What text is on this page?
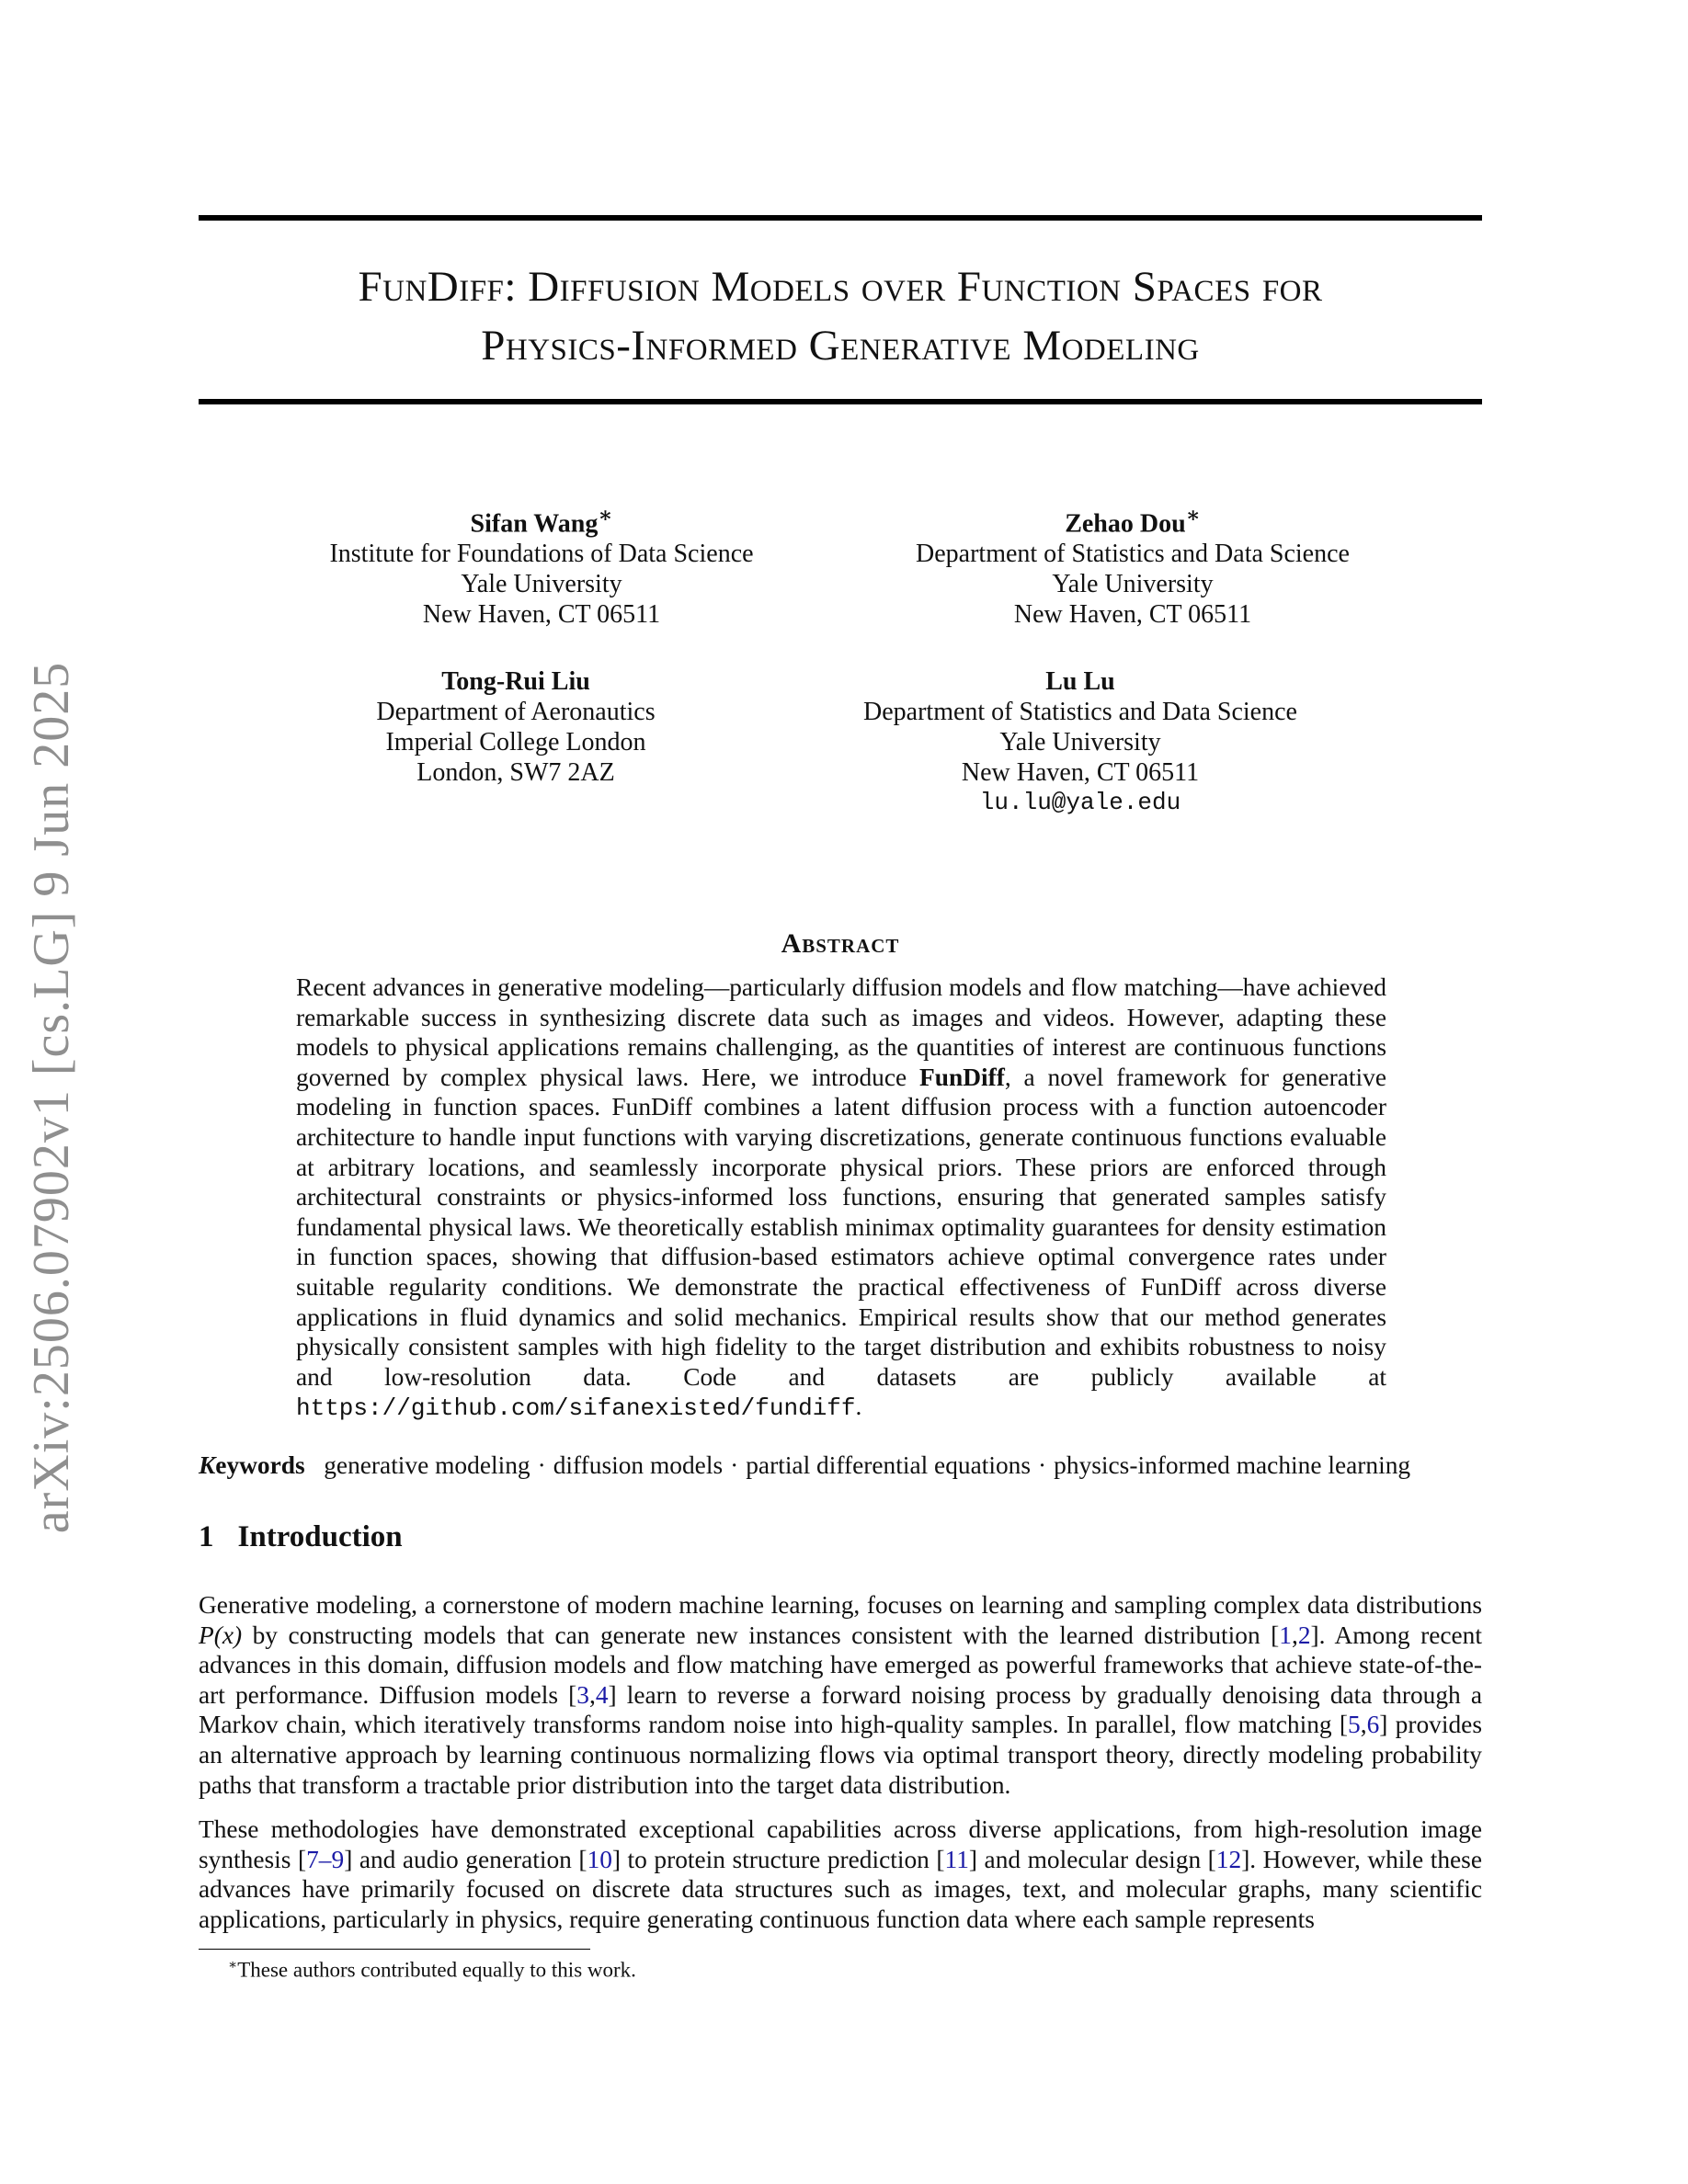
arXiv:2506.07902v1 [cs.LG] 9 Jun 2025
FunDiff: Diffusion Models over Function Spaces for
Physics-Informed Generative Modeling
Sifan Wang∗
Institute for Foundations of Data Science
Yale University
New Haven, CT 06511
Zehao Dou∗
Department of Statistics and Data Science
Yale University
New Haven, CT 06511
Tong-Rui Liu
Department of Aeronautics
Imperial College London
London, SW7 2AZ
Lu Lu
Department of Statistics and Data Science
Yale University
New Haven, CT 06511
lu.lu@yale.edu
Abstract
Recent advances in generative modeling—particularly diffusion models and flow matching—have achieved remarkable success in synthesizing discrete data such as images and videos. However, adapting these models to physical applications remains challenging, as the quantities of interest are continuous functions governed by complex physical laws. Here, we introduce FunDiff, a novel framework for generative modeling in function spaces. FunDiff combines a latent diffusion process with a function autoencoder architecture to handle input functions with varying discretizations, generate continuous functions evaluable at arbitrary locations, and seamlessly incorporate physical priors. These priors are enforced through architectural constraints or physics-informed loss functions, ensuring that generated samples satisfy fundamental physical laws. We theoretically establish minimax optimality guarantees for density estimation in function spaces, showing that diffusion-based estimators achieve optimal convergence rates under suitable regularity conditions. We demonstrate the practical effectiveness of FunDiff across diverse applications in fluid dynamics and solid mechanics. Empirical results show that our method generates physically consistent samples with high fidelity to the target distribution and exhibits robustness to noisy and low-resolution data. Code and datasets are publicly available at https://github.com/sifanexisted/fundiff.
Keywords generative modeling · diffusion models · partial differential equations · physics-informed machine learning
1 Introduction
Generative modeling, a cornerstone of modern machine learning, focuses on learning and sampling complex data distributions P(x) by constructing models that can generate new instances consistent with the learned distribution [1,2]. Among recent advances in this domain, diffusion models and flow matching have emerged as powerful frameworks that achieve state-of-the-art performance. Diffusion models [3,4] learn to reverse a forward noising process by gradually denoising data through a Markov chain, which iteratively transforms random noise into high-quality samples. In parallel, flow matching [5,6] provides an alternative approach by learning continuous normalizing flows via optimal transport theory, directly modeling probability paths that transform a tractable prior distribution into the target data distribution.
These methodologies have demonstrated exceptional capabilities across diverse applications, from high-resolution image synthesis [7–9] and audio generation [10] to protein structure prediction [11] and molecular design [12]. However, while these advances have primarily focused on discrete data structures such as images, text, and molecular graphs, many scientific applications, particularly in physics, require generating continuous function data where each sample represents
∗These authors contributed equally to this work.
